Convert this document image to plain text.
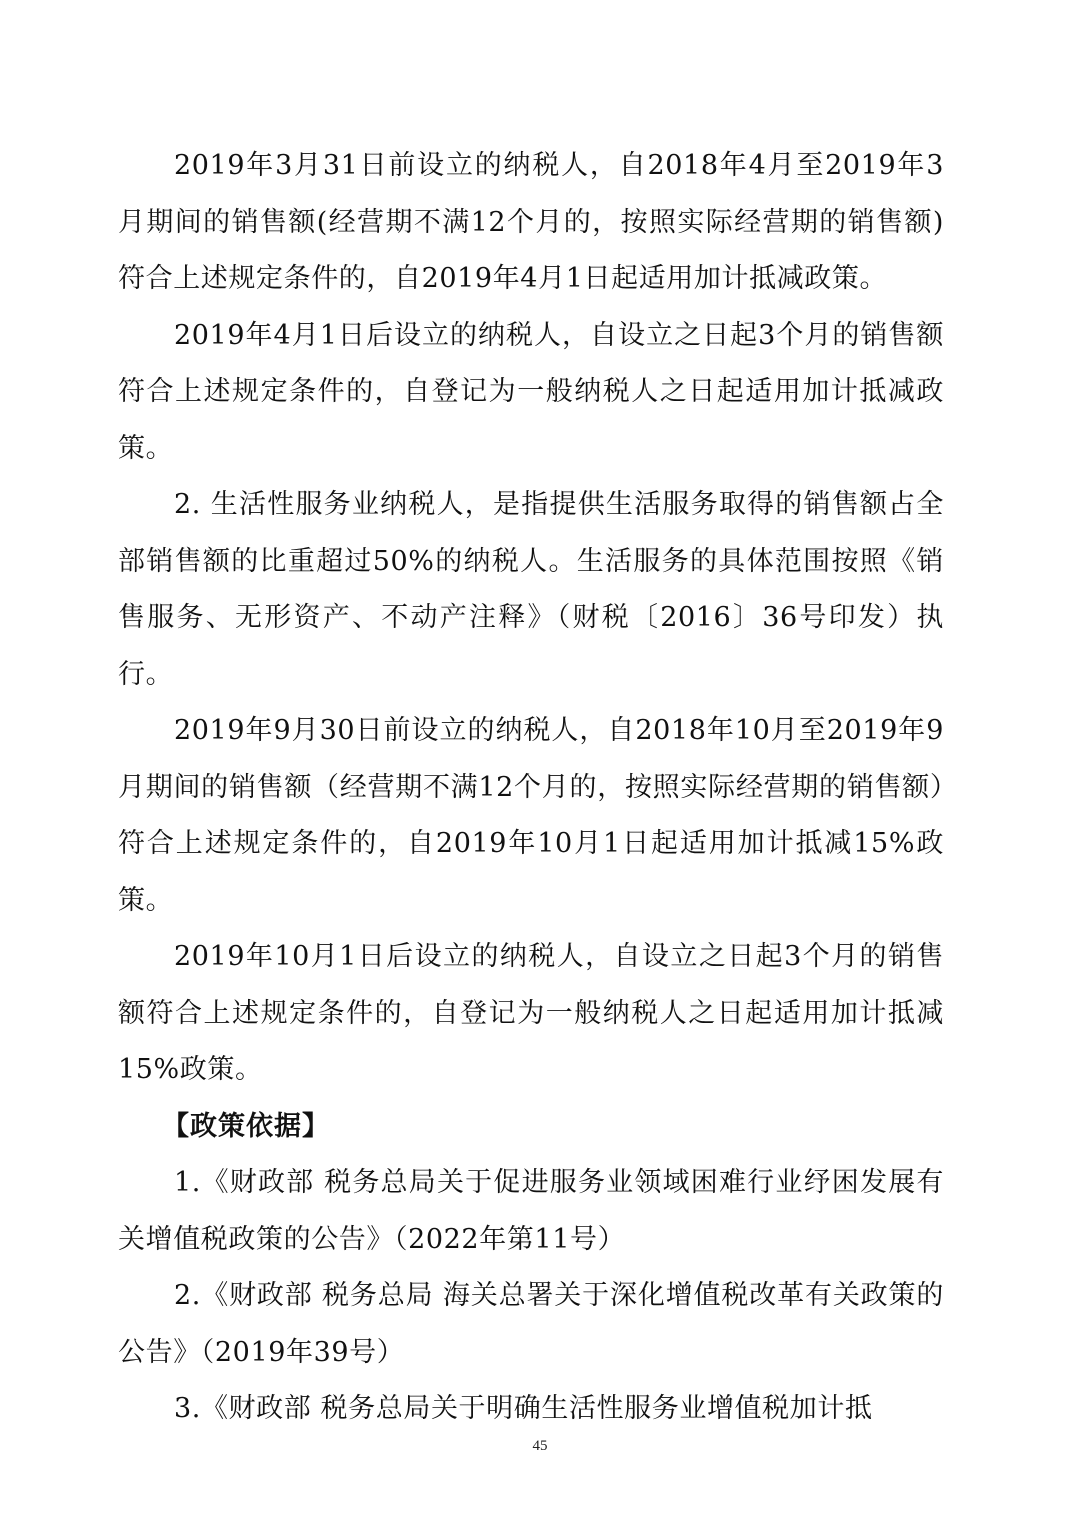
2019年3月31日前设立的纳税人，自2018年4月至2019年3月期间的销售额(经营期不满12个月的，按照实际经营期的销售额)符合上述规定条件的，自2019年4月1日起适用加计抵减政策。

2019年4月1日后设立的纳税人，自设立之日起3个月的销售额符合上述规定条件的，自登记为一般纳税人之日起适用加计抵减政策。

2. 生活性服务业纳税人，是指提供生活服务取得的销售额占全部销售额的比重超过50%的纳税人。生活服务的具体范围按照《销售服务、无形资产、不动产注释》（财税〔2016〕36号印发）执行。

2019年9月30日前设立的纳税人，自2018年10月至2019年9月期间的销售额（经营期不满12个月的，按照实际经营期的销售额）符合上述规定条件的，自2019年10月1日起适用加计抵减15%政策。

2019年10月1日后设立的纳税人，自设立之日起3个月的销售额符合上述规定条件的，自登记为一般纳税人之日起适用加计抵减15%政策。

【政策依据】

1.《财政部 税务总局关于促进服务业领域困难行业纾困发展有关增值税政策的公告》（2022年第11号）

2.《财政部 税务总局 海关总署关于深化增值税改革有关政策的公告》（2019年39号）

3.《财政部 税务总局关于明确生活性服务业增值税加计抵

45
